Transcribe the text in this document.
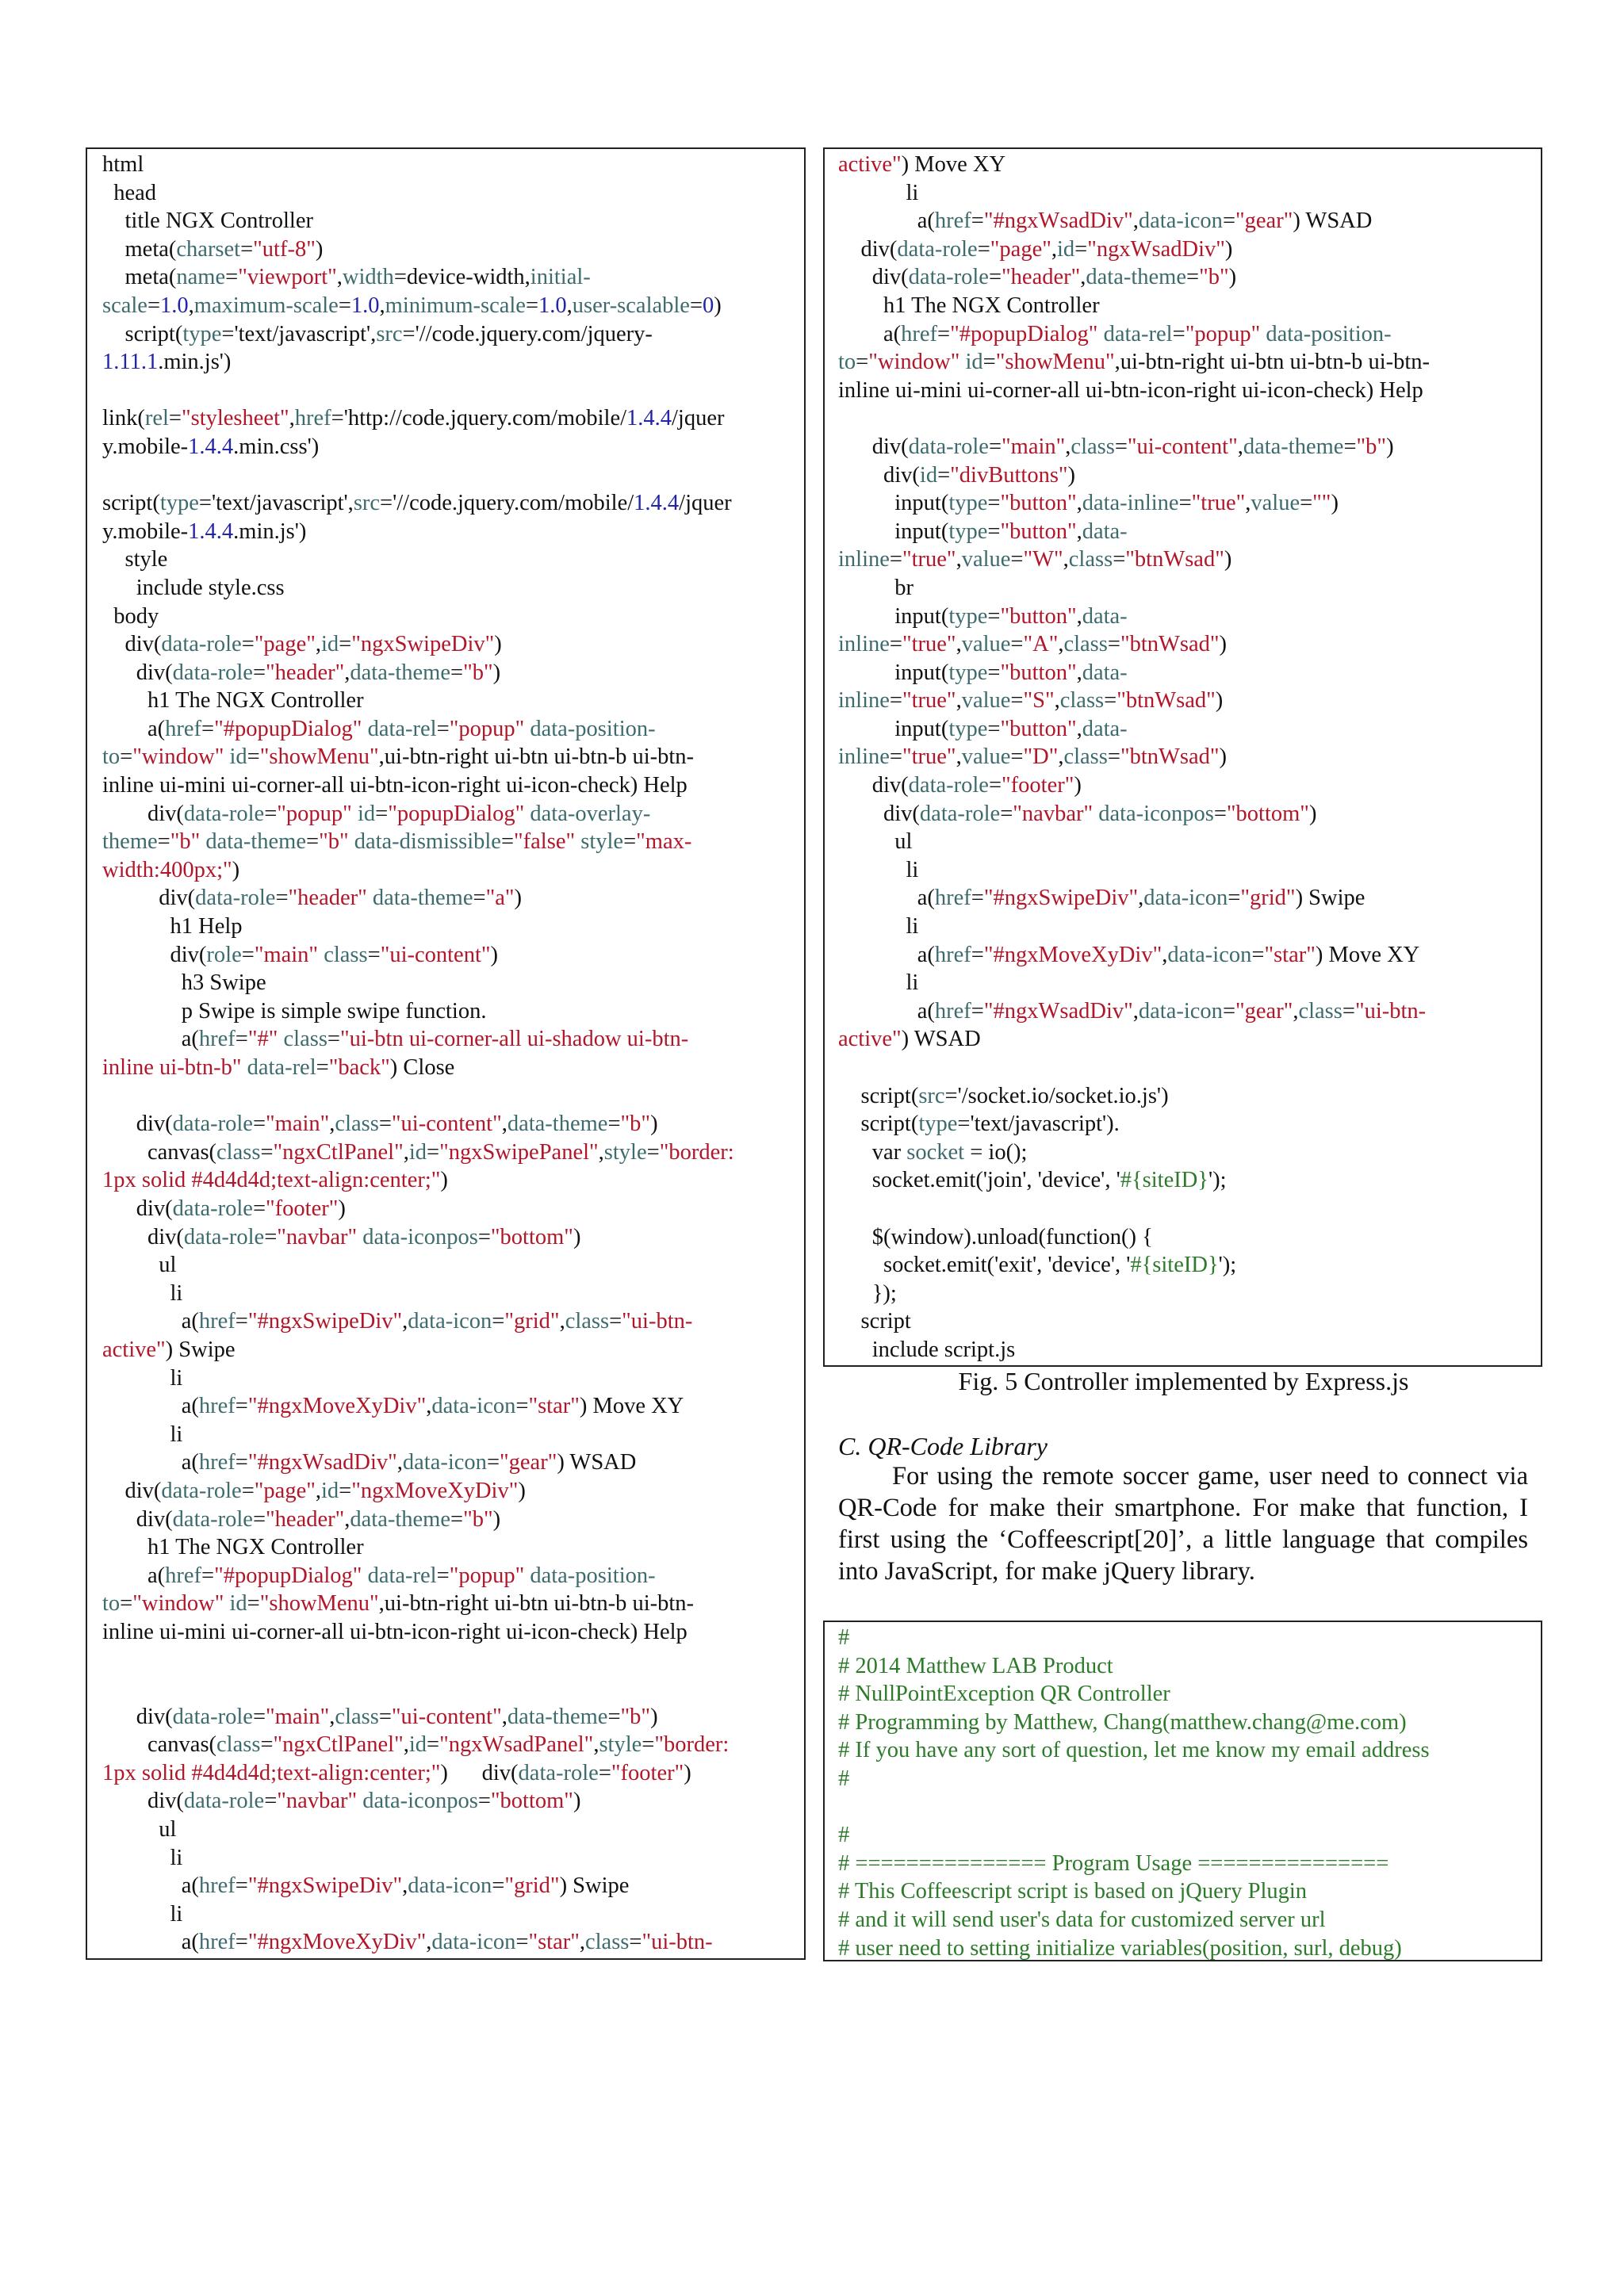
html
head
title NGX Controller
meta(charset="utf-8")
meta(name="viewport",width=device-width,initial-
scale=1.0,maximum-scale=1.0,minimum-scale=1.0,user-scalable=0)
script(type='text/javascript',src='//code.jquery.com/jquery-
1.11.1.min.js')
link(rel="stylesheet",href='http://code.jquery.com/mobile/1.4.4/jquer
y.mobile-1.4.4.min.css')
script(type='text/javascript',src='//code.jquery.com/mobile/1.4.4/jquer
y.mobile-1.4.4.min.js')
style
include style.css
body
div(data-role="page",id="ngxSwipeDiv")
div(data-role="header",data-theme="b")
h1 The NGX Controller
a(href="#popupDialog" data-rel="popup" data-position-
to="window" id="showMenu",ui-btn-right ui-btn ui-btn-b ui-btn-
inline ui-mini ui-corner-all ui-btn-icon-right ui-icon-check) Help
div(data-role="popup" id="popupDialog" data-overlay-
theme="b" data-theme="b" data-dismissible="false" style="max-
width:400px;")
div(data-role="header" data-theme="a")
h1 Help
div(role="main" class="ui-content")
h3 Swipe
p Swipe is simple swipe function.
a(href="#" class="ui-btn ui-corner-all ui-shadow ui-btn-
inline ui-btn-b" data-rel="back") Close
div(data-role="main",class="ui-content",data-theme="b")
canvas(class="ngxCtlPanel",id="ngxSwipePanel",style="border:
1px solid #4d4d4d;text-align:center;")
div(data-role="footer")
div(data-role="navbar" data-iconpos="bottom")
ul
li
a(href="#ngxSwipeDiv",data-icon="grid",class="ui-btn-
active") Swipe
li
a(href="#ngxMoveXyDiv",data-icon="star") Move XY
li
a(href="#ngxWsadDiv",data-icon="gear") WSAD
div(data-role="page",id="ngxMoveXyDiv")
div(data-role="header",data-theme="b")
h1 The NGX Controller
a(href="#popupDialog" data-rel="popup" data-position-
to="window" id="showMenu",ui-btn-right ui-btn ui-btn-b ui-btn-
inline ui-mini ui-corner-all ui-btn-icon-right ui-icon-check) Help
div(data-role="main",class="ui-content",data-theme="b")
canvas(class="ngxCtlPanel",id="ngxWsadPanel",style="border:
1px solid #4d4d4d;text-align:center;")      div(data-role="footer")
div(data-role="navbar" data-iconpos="bottom")
ul
li
a(href="#ngxSwipeDiv",data-icon="grid") Swipe
li
a(href="#ngxMoveXyDiv",data-icon="star",class="ui-btn-
active") Move XY
li
a(href="#ngxWsadDiv",data-icon="gear") WSAD
div(data-role="page",id="ngxWsadDiv")
div(data-role="header",data-theme="b")
h1 The NGX Controller
a(href="#popupDialog" data-rel="popup" data-position-
to="window" id="showMenu",ui-btn-right ui-btn ui-btn-b ui-btn-
inline ui-mini ui-corner-all ui-btn-icon-right ui-icon-check) Help
div(data-role="main",class="ui-content",data-theme="b")
div(id="divButtons")
input(type="button",data-inline="true",value="")
input(type="button",data-
inline="true",value="W",class="btnWsad")
br
input(type="button",data-
inline="true",value="A",class="btnWsad")
input(type="button",data-
inline="true",value="S",class="btnWsad")
input(type="button",data-
inline="true",value="D",class="btnWsad")
div(data-role="footer")
div(data-role="navbar" data-iconpos="bottom")
ul
li
a(href="#ngxSwipeDiv",data-icon="grid") Swipe
li
a(href="#ngxMoveXyDiv",data-icon="star") Move XY
li
a(href="#ngxWsadDiv",data-icon="gear",class="ui-btn-
active") WSAD
script(src='/socket.io/socket.io.js')
script(type='text/javascript').
var socket = io();
socket.emit('join', 'device', '#{siteID}');
$(window).unload(function() {
socket.emit('exit', 'device', '#{siteID}');
});
script
include script.js
Fig. 5 Controller implemented by Express.js
C. QR-Code Library

For using the remote soccer game, user need to connect via QR-Code for make their smartphone. For make that function, I first using the ‘Coffeescript[20]’, a little language that compiles into JavaScript, for make jQuery library.

#
# 2014 Matthew LAB Product
# NullPointException QR Controller
# Programming by Matthew, Chang(matthew.chang@me.com)
# If you have any sort of question, let me know my email address
#
#
# =============== Program Usage ===============
# This Coffeescript script is based on jQuery Plugin
# and it will send user's data for customized server url
# user need to setting initialize variables(position, surl, debug)
